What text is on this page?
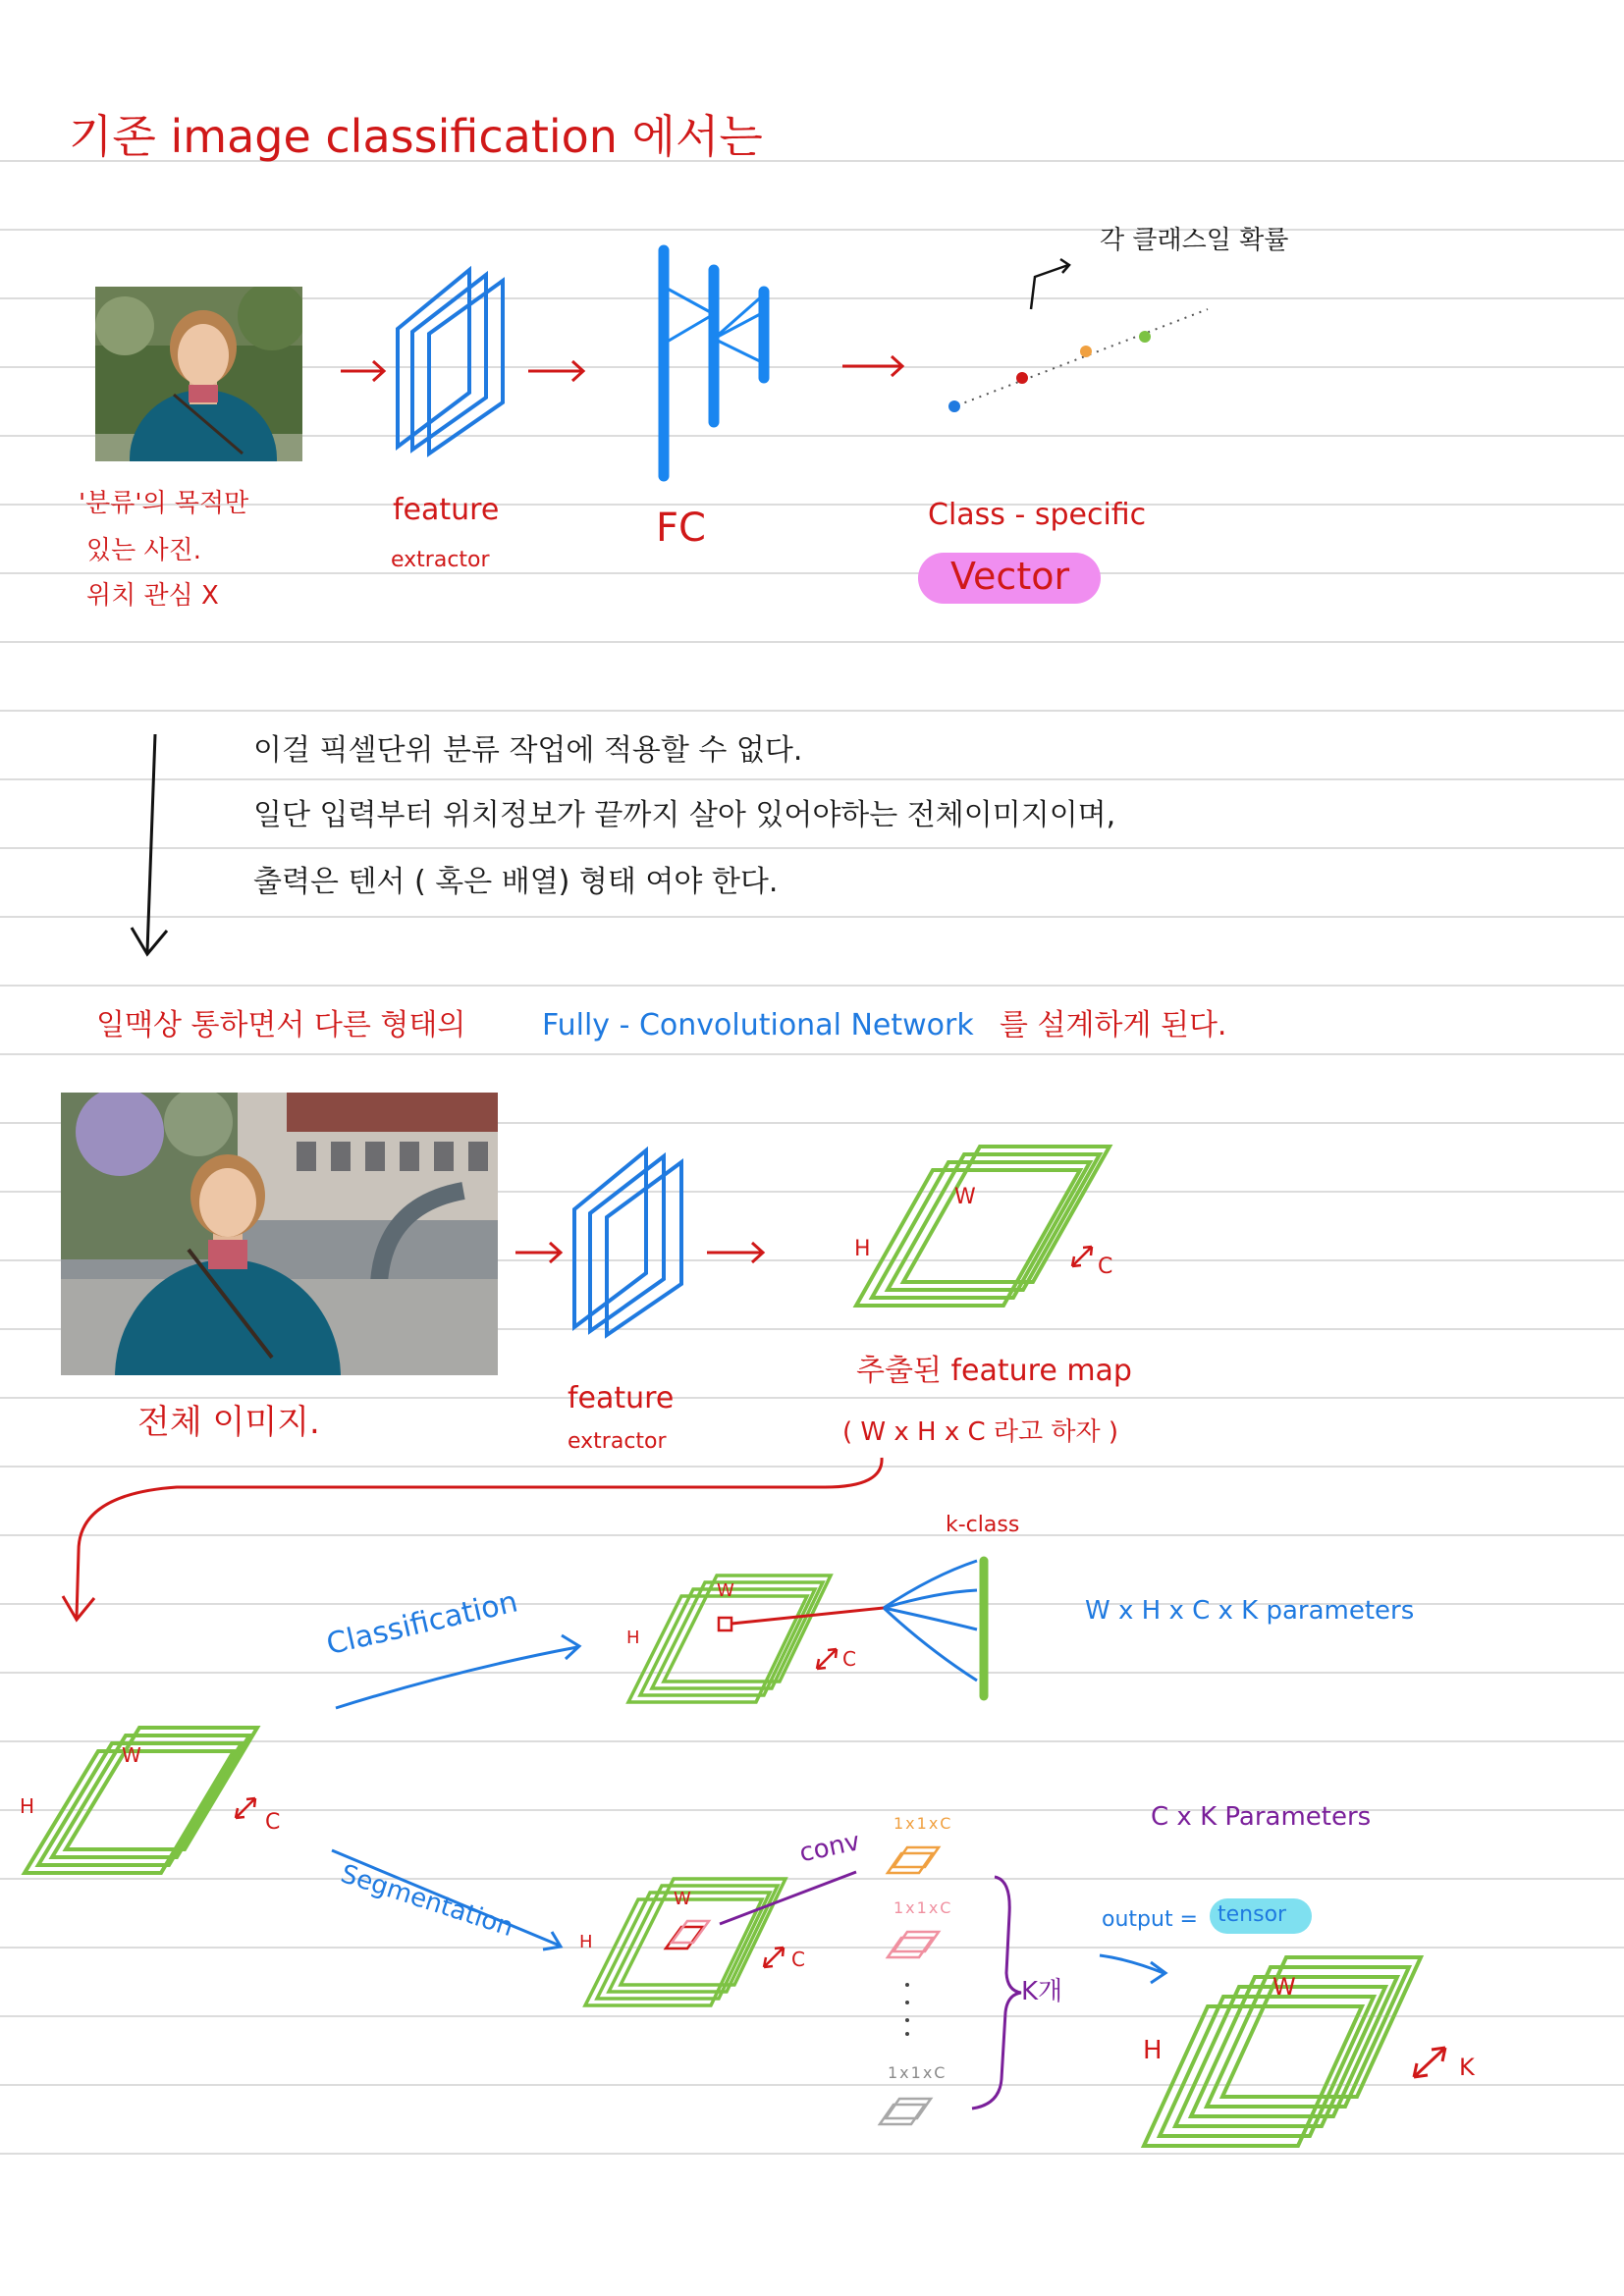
기존 image classification 에서는
'분류'의 목적만
있는 사진.
위치 관심 X
feature
extractor
FC
각 클래스일 확률
Class - specific
Vector
이걸 픽셀단위 분류 작업에 적용할 수 없다.
일단 입력부터 위치정보가 끝까지 살아 있어야하는 전체이미지이며,
출력은 텐서 ( 혹은 배열) 형태 여야 한다.
일맥상 통하면서 다른 형태의	Fully - Convolutional Network 를 설계하게 된다.
전체 이미지.
feature
extractor
추출된 feature map
( W x H x C 라고 하자 )
W
H
C
Classification
k-class
W x H x C x K parameters
W
H
C
W
H
C
Segmentation
conv
1x1xC
1x1xC
1x1xC
K개
C x K Parameters
W
H
C
output = tensor
W
H
K
